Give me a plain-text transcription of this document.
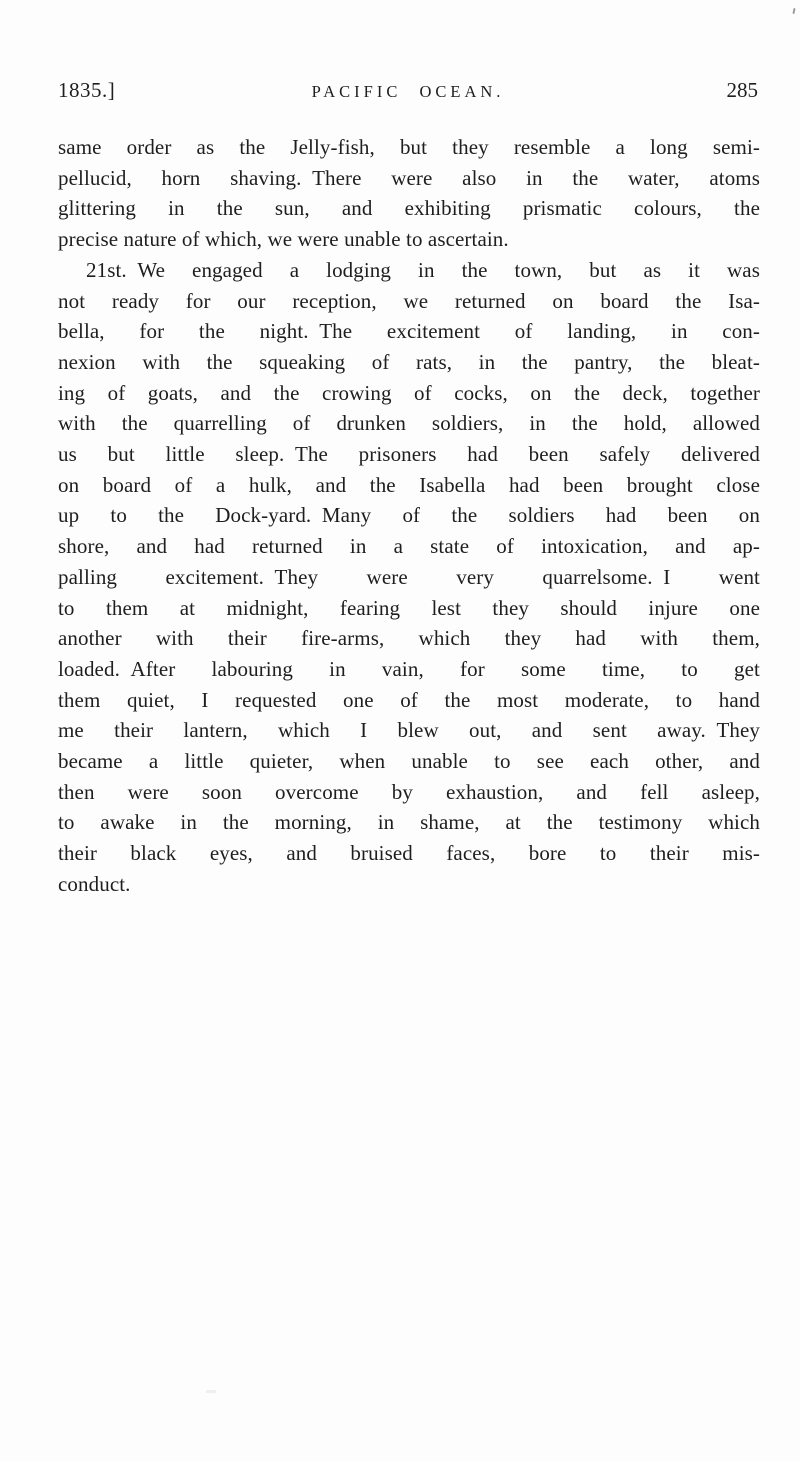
1835.]	PACIFIC OCEAN.	285
same order as the Jelly-fish, but they resemble a long semi-
pellucid, horn shaving. There were also in the water, atoms
glittering in the sun, and exhibiting prismatic colours, the
precise nature of which, we were unable to ascertain.
21st. We engaged a lodging in the town, but as it was
not ready for our reception, we returned on board the Isa-
bella, for the night. The excitement of landing, in con-
nexion with the squeaking of rats, in the pantry, the bleat-
ing of goats, and the crowing of cocks, on the deck, together
with the quarrelling of drunken soldiers, in the hold, allowed
us but little sleep. The prisoners had been safely delivered
on board of a hulk, and the Isabella had been brought close
up to the Dock-yard. Many of the soldiers had been on
shore, and had returned in a state of intoxication, and ap-
palling excitement. They were very quarrelsome. I went
to them at midnight, fearing lest they should injure one
another with their fire-arms, which they had with them,
loaded. After labouring in vain, for some time, to get
them quiet, I requested one of the most moderate, to hand
me their lantern, which I blew out, and sent away. They
became a little quieter, when unable to see each other, and
then were soon overcome by exhaustion, and fell asleep,
to awake in the morning, in shame, at the testimony which
their black eyes, and bruised faces, bore to their mis-
conduct.
